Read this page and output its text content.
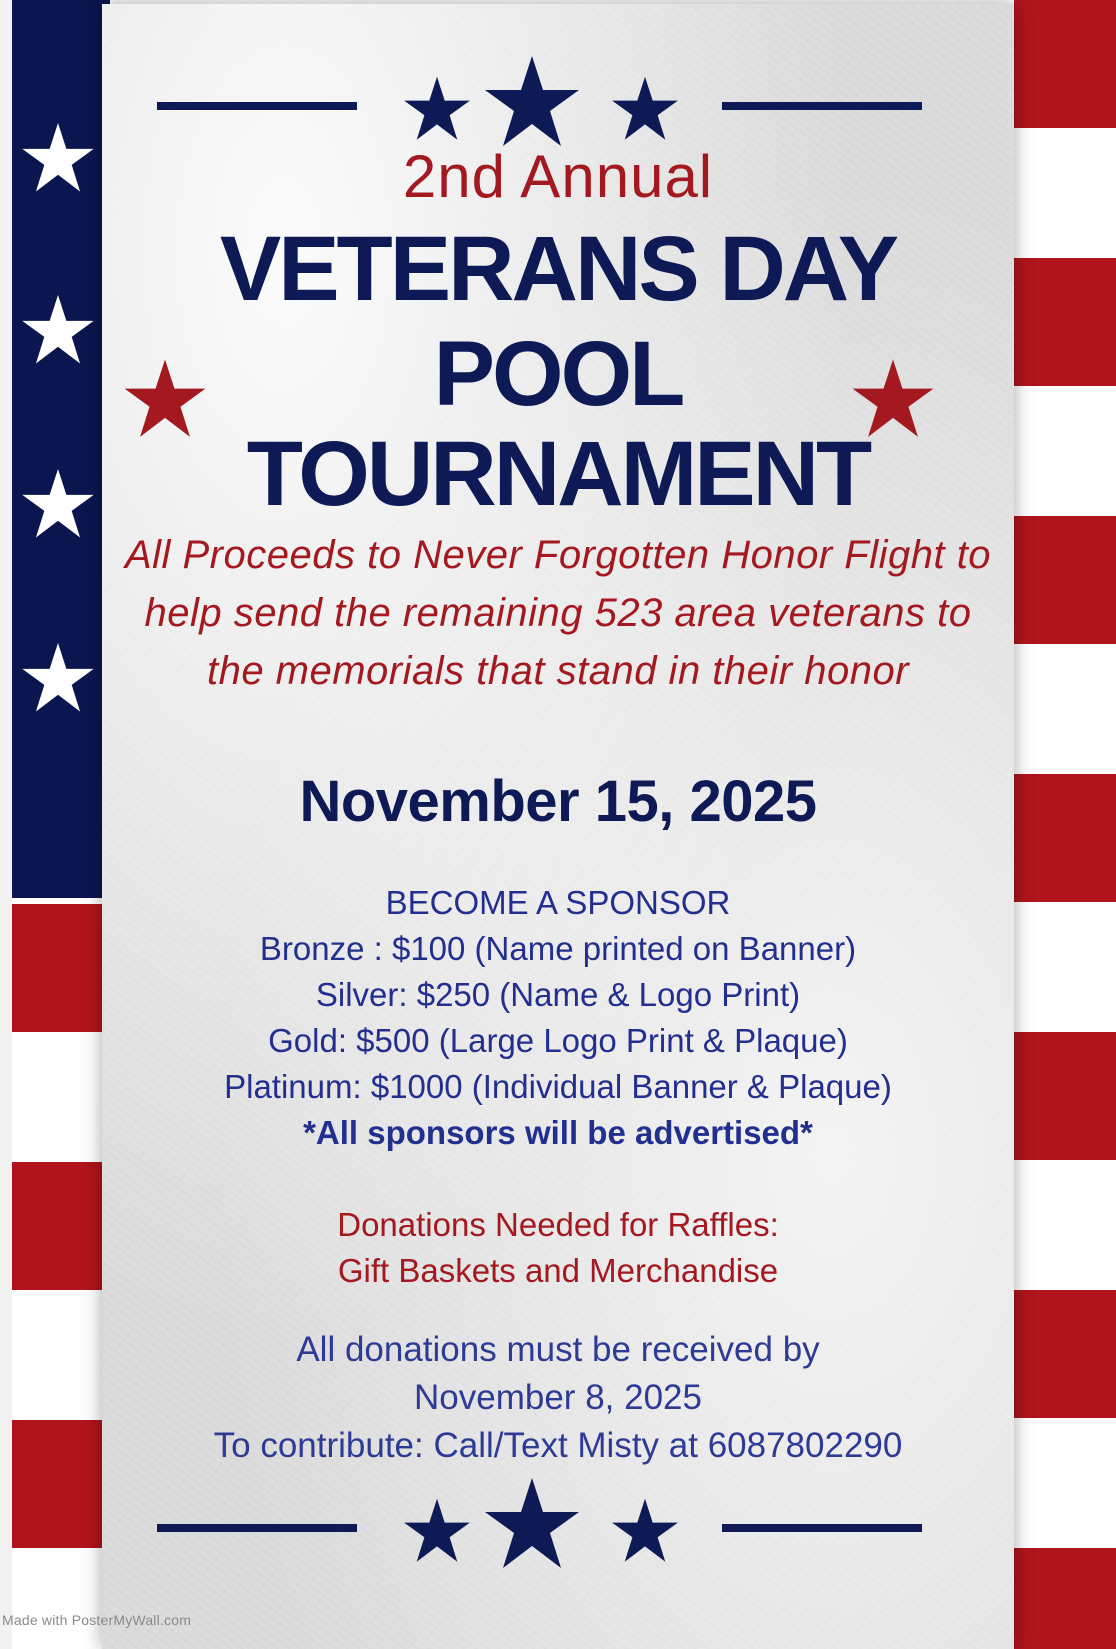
2nd Annual
VETERANS DAY
POOL
TOURNAMENT
All Proceeds to Never Forgotten Honor Flight to help send the remaining 523 area veterans to the memorials that stand in their honor
November 15, 2025
BECOME A SPONSOR
Bronze : $100 (Name printed on Banner)
Silver: $250 (Name & Logo Print)
Gold: $500 (Large Logo Print & Plaque)
Platinum: $1000 (Individual Banner & Plaque)
*All sponsors will be advertised*
Donations Needed for Raffles:
Gift Baskets and Merchandise
All donations must be received by
November 8, 2025
To contribute: Call/Text Misty at 6087802290
Made with PosterMyWall.com
